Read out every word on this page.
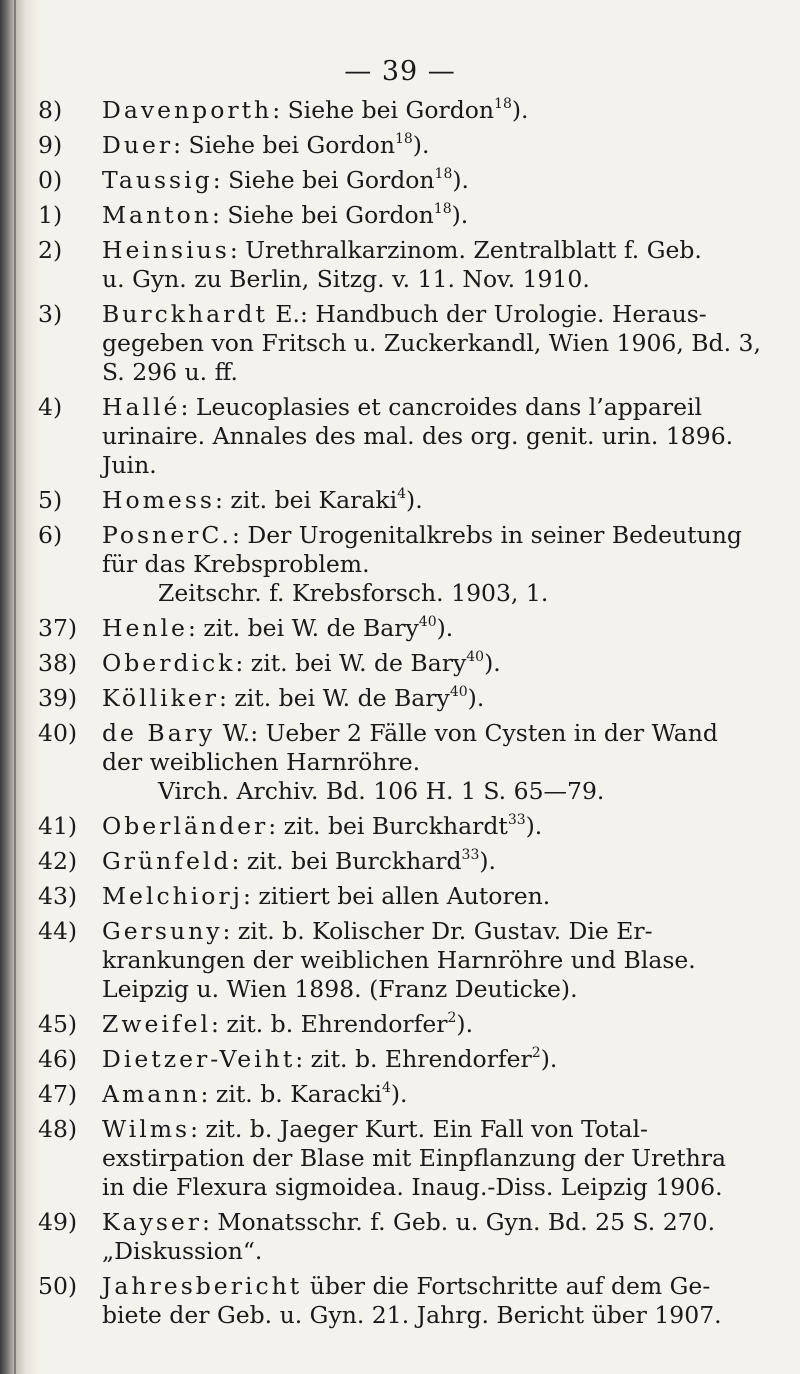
— 39 —
8)	Davenporth: Siehe bei Gordon$^{18}$).
9)	Duer: Siehe bei Gordon$^{18}$).
0)	Taussig: Siehe bei Gordon$^{18}$).
1)	Manton: Siehe bei Gordon$^{18}$).
2)	Heinsius: Urethralkarzinom. Zentralblatt f. Geb.
u. Gyn. zu Berlin, Sitzg. v. 11. Nov. 1910.
3)	Burckhardt E.: Handbuch der Urologie. Heraus-
gegeben von Fritsch u. Zuckerkandl, Wien 1906, Bd. 3,
S. 296 u. ff.
4)	Hallé: Leucoplasies et cancroides dans l’appareil
urinaire. Annales des mal. des org. genit. urin. 1896.
Juin.
5)	Homess: zit. bei Karaki$^4$).
6)	PosnerC.: Der Urogenitalkrebs in seiner Bedeutung
für das Krebsproblem.
Zeitschr. f. Krebsforsch. 1903, 1.
37)	Henle: zit. bei W. de Bary$^{40}$).
38)	Oberdick: zit. bei W. de Bary$^{40}$).
39)	Kölliker: zit. bei W. de Bary$^{40}$).
40)	de Bary W.: Ueber 2 Fälle von Cysten in der Wand
der weiblichen Harnröhre.
Virch. Archiv. Bd. 106 H. 1 S. 65—79.
41)	Oberländer: zit. bei Burckhardt$^{33}$).
42)	Grünfeld: zit. bei Burckhard$^{33}$).
43)	Melchiorj: zitiert bei allen Autoren.
44)	Gersuny: zit. b. Kolischer Dr. Gustav. Die Er-
krankungen der weiblichen Harnröhre und Blase.
Leipzig u. Wien 1898. (Franz Deuticke).
45)	Zweifel: zit. b. Ehrendorfer$^2$).
46)	Dietzer-Veiht: zit. b. Ehrendorfer$^2$).
47)	Amann: zit. b. Karacki$^4$).
48)	Wilms: zit. b. Jaeger Kurt. Ein Fall von Total-
exstirpation der Blase mit Einpflanzung der Urethra
in die Flexura sigmoidea. Inaug.-Diss. Leipzig 1906.
49)	Kayser: Monatsschr. f. Geb. u. Gyn. Bd. 25 S. 270.
„Diskussion“.
50)	Jahresbericht über die Fortschritte auf dem Ge-
biete der Geb. u. Gyn. 21. Jahrg. Bericht über 1907.
